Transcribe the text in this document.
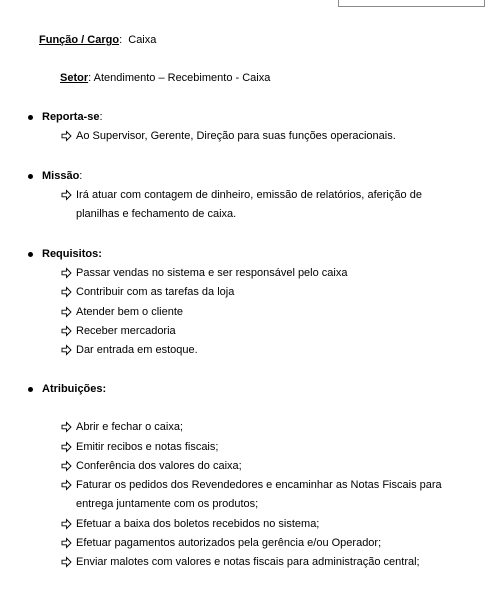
Função / Cargo: Caixa
Setor: Atendimento – Recebimento - Caixa
Reporta-se:
Ao Supervisor, Gerente, Direção para suas funções operacionais.
Missão:
Irá atuar com contagem de dinheiro, emissão de relatórios, aferição de planilhas e fechamento de caixa.
Requisitos:
Passar vendas no sistema e ser responsável pelo caixa
Contribuir com as tarefas da loja
Atender bem o cliente
Receber mercadoria
Dar entrada em estoque.
Atribuições:
Abrir e fechar o caixa;
Emitir recibos e notas fiscais;
Conferência dos valores do caixa;
Faturar os pedidos dos Revendedores e encaminhar as Notas Fiscais para entrega juntamente com os produtos;
Efetuar a baixa dos boletos recebidos no sistema;
Efetuar pagamentos autorizados pela gerência e/ou Operador;
Enviar malotes com valores e notas fiscais para administração central;
